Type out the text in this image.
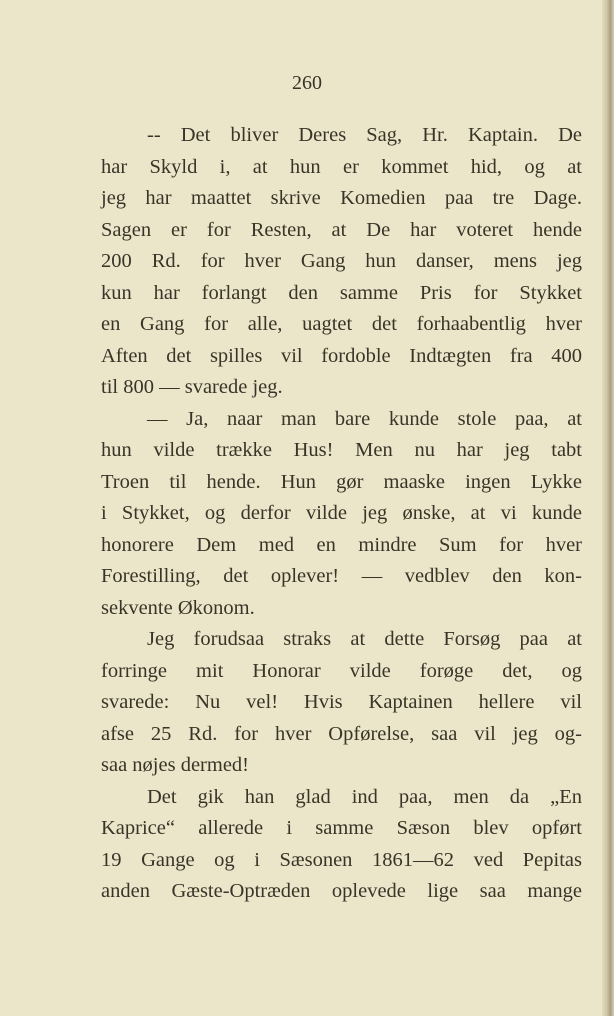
260
-- Det bliver Deres Sag, Hr. Kaptain. De
har Skyld i, at hun er kommet hid, og at
jeg har maattet skrive Komedien paa tre Dage.
Sagen er for Resten, at De har voteret hende
200 Rd. for hver Gang hun danser, mens jeg
kun har forlangt den samme Pris for Stykket
en Gang for alle, uagtet det forhaabentlig hver
Aften det spilles vil fordoble Indtægten fra 400
til 800 — svarede jeg.
— Ja, naar man bare kunde stole paa, at
hun vilde trække Hus! Men nu har jeg tabt
Troen til hende. Hun gør maaske ingen Lykke
i Stykket, og derfor vilde jeg ønske, at vi kunde
honorere Dem med en mindre Sum for hver
Forestilling, det oplever! — vedblev den kon-
sekvente Økonom.
Jeg forudsaa straks at dette Forsøg paa at
forringe mit Honorar vilde forøge det, og
svarede: Nu vel! Hvis Kaptainen hellere vil
afse 25 Rd. for hver Opførelse, saa vil jeg og-
saa nøjes dermed!
Det gik han glad ind paa, men da „En
Kaprice“ allerede i samme Sæson blev opført
19 Gange og i Sæsonen 1861—62 ved Pepitas
anden Gæste-Optræden oplevede lige saa mange
